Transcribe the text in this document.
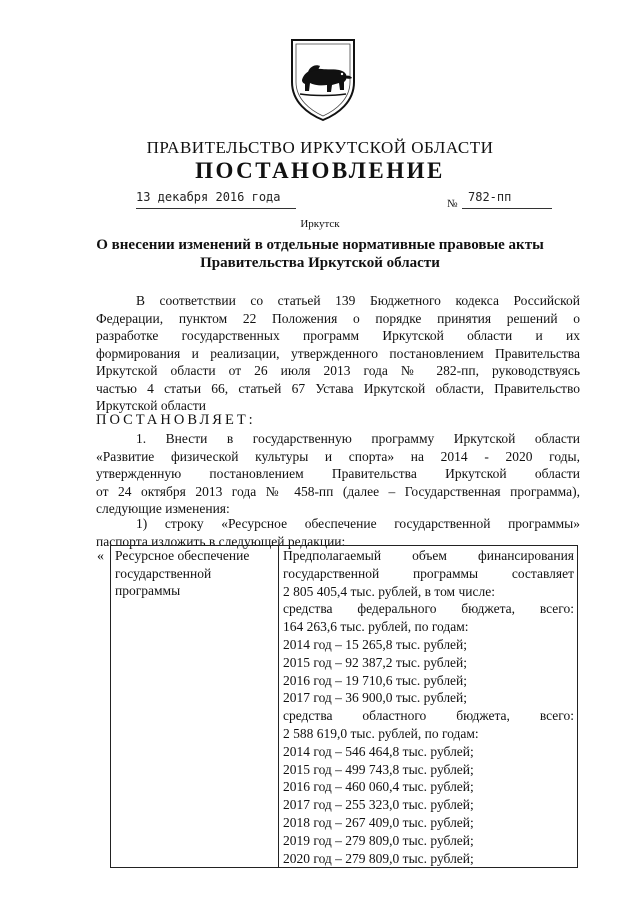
ПРАВИТЕЛЬСТВО ИРКУТСКОЙ ОБЛАСТИ
ПОСТАНОВЛЕНИЕ
13 декабря 2016 года	№ 782-пп
Иркутск
О внесении изменений в отдельные нормативные правовые акты
Правительства Иркутской области
В соответствии со статьей 139 Бюджетного кодекса Российской
Федерации, пунктом 22 Положения о порядке принятия решений о
разработке государственных программ Иркутской области и их
формирования и реализации, утвержденного постановлением Правительства
Иркутской области от 26 июля 2013 года № 282-пп, руководствуясь
частью 4 статьи 66, статьей 67 Устава Иркутской области, Правительство
Иркутской области
ПОСТАНОВЛЯЕТ:
1. Внести в государственную программу Иркутской области
«Развитие физической культуры и спорта» на 2014 - 2020 годы,
утвержденную постановлением Правительства Иркутской области
от 24 октября 2013 года № 458-пп (далее – Государственная программа),
следующие изменения:
1) строку «Ресурсное обеспечение государственной программы»
паспорта изложить в следующей редакции:
« Ресурсное обеспечение
государственной
программы

Предполагаемый объем финансирования
государственной программы составляет
2 805 405,4 тыс. рублей, в том числе:
средства федерального бюджета, всего:
164 263,6 тыс. рублей, по годам:
2014 год – 15 265,8 тыс. рублей;
2015 год – 92 387,2 тыс. рублей;
2016 год – 19 710,6 тыс. рублей;
2017 год – 36 900,0 тыс. рублей;
средства областного бюджета, всего:
2 588 619,0 тыс. рублей, по годам:
2014 год – 546 464,8 тыс. рублей;
2015 год – 499 743,8 тыс. рублей;
2016 год – 460 060,4 тыс. рублей;
2017 год – 255 323,0 тыс. рублей;
2018 год – 267 409,0 тыс. рублей;
2019 год – 279 809,0 тыс. рублей;
2020 год – 279 809,0 тыс. рублей;
